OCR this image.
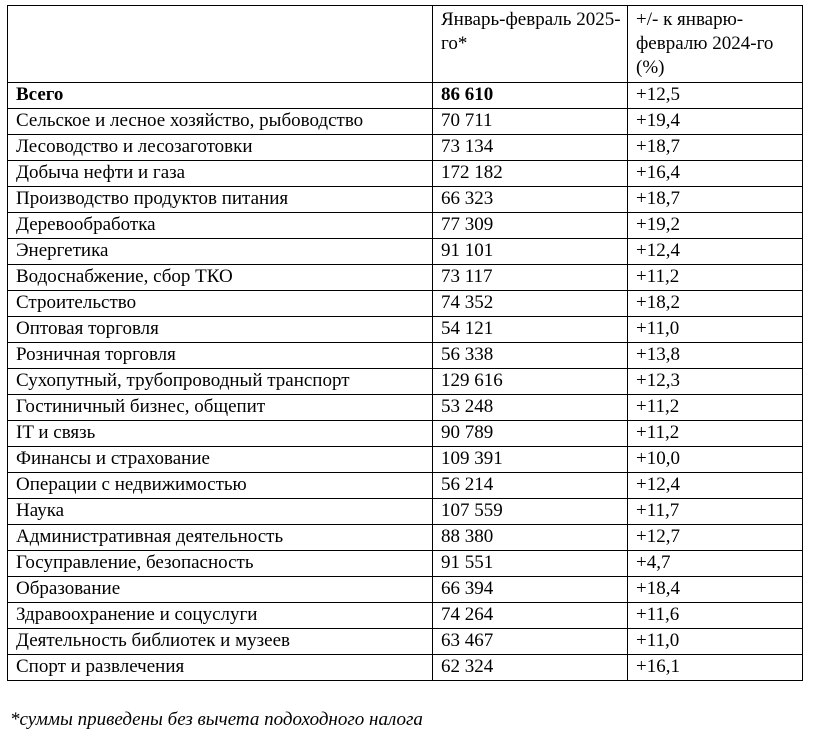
	Январь-февраль 2025-го*	+/- к январю-февралю 2024-го (%)
Всего	86 610	+12,5
Сельское и лесное хозяйство, рыбоводство	70 711	+19,4
Лесоводство и лесозаготовки	73 134	+18,7
Добыча нефти и газа	172 182	+16,4
Производство продуктов питания	66 323	+18,7
Деревообработка	77 309	+19,2
Энергетика	91 101	+12,4
Водоснабжение, сбор ТКО	73 117	+11,2
Строительство	74 352	+18,2
Оптовая торговля	54 121	+11,0
Розничная торговля	56 338	+13,8
Сухопутный, трубопроводный транспорт	129 616	+12,3
Гостиничный бизнес, общепит	53 248	+11,2
IT и связь	90 789	+11,2
Финансы и страхование	109 391	+10,0
Операции с недвижимостью	56 214	+12,4
Наука	107 559	+11,7
Административная деятельность	88 380	+12,7
Госуправление, безопасность	91 551	+4,7
Образование	66 394	+18,4
Здравоохранение и соцуслуги	74 264	+11,6
Деятельность библиотек и музеев	63 467	+11,0
Спорт и развлечения	62 324	+16,1
*суммы приведены без вычета подоходного налога
